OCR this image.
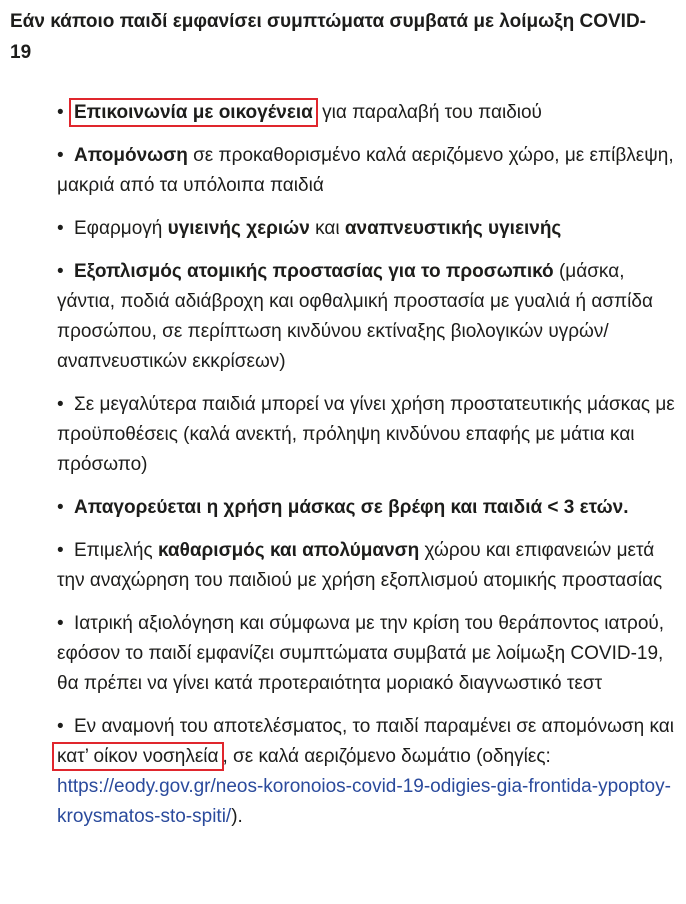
Εάν κάποιο παιδί εμφανίσει συμπτώματα συμβατά με λοίμωξη COVID-19
• Επικοινωνία με οικογένεια για παραλαβή του παιδιού
• Απομόνωση σε προκαθορισμένο καλά αεριζόμενο χώρο, με επίβλεψη, μακριά από τα υπόλοιπα παιδιά
• Εφαρμογή υγιεινής χεριών και αναπνευστικής υγιεινής
• Εξοπλισμός ατομικής προστασίας για το προσωπικό (μάσκα, γάντια, ποδιά αδιάβροχη και οφθαλμική προστασία με γυαλιά ή ασπίδα προσώπου, σε περίπτωση κινδύνου εκτίναξης βιολογικών υγρών/αναπνευστικών εκκρίσεων)
• Σε μεγαλύτερα παιδιά μπορεί να γίνει χρήση προστατευτικής μάσκας με προϋποθέσεις (καλά ανεκτή, πρόληψη κινδύνου επαφής με μάτια και πρόσωπο)
• Απαγορεύεται η χρήση μάσκας σε βρέφη και παιδιά < 3 ετών.
• Επιμελής καθαρισμός και απολύμανση χώρου και επιφανειών μετά την αναχώρηση του παιδιού με χρήση εξοπλισμού ατομικής προστασίας
• Ιατρική αξιολόγηση και σύμφωνα με την κρίση του θεράποντος ιατρού, εφόσον το παιδί εμφανίζει συμπτώματα συμβατά με λοίμωξη COVID-19, θα πρέπει να γίνει κατά προτεραιότητα μοριακό διαγνωστικό τεστ
• Εν αναμονή του αποτελέσματος, το παιδί παραμένει σε απομόνωση και κατ’ οίκον νοσηλεία , σε καλά αεριζόμενο δωμάτιο (οδηγίες: https://eody.gov.gr/neos-koronoios-covid-19-odigies-gia-frontida-ypoptoy-kroysmatos-sto-spiti/).
